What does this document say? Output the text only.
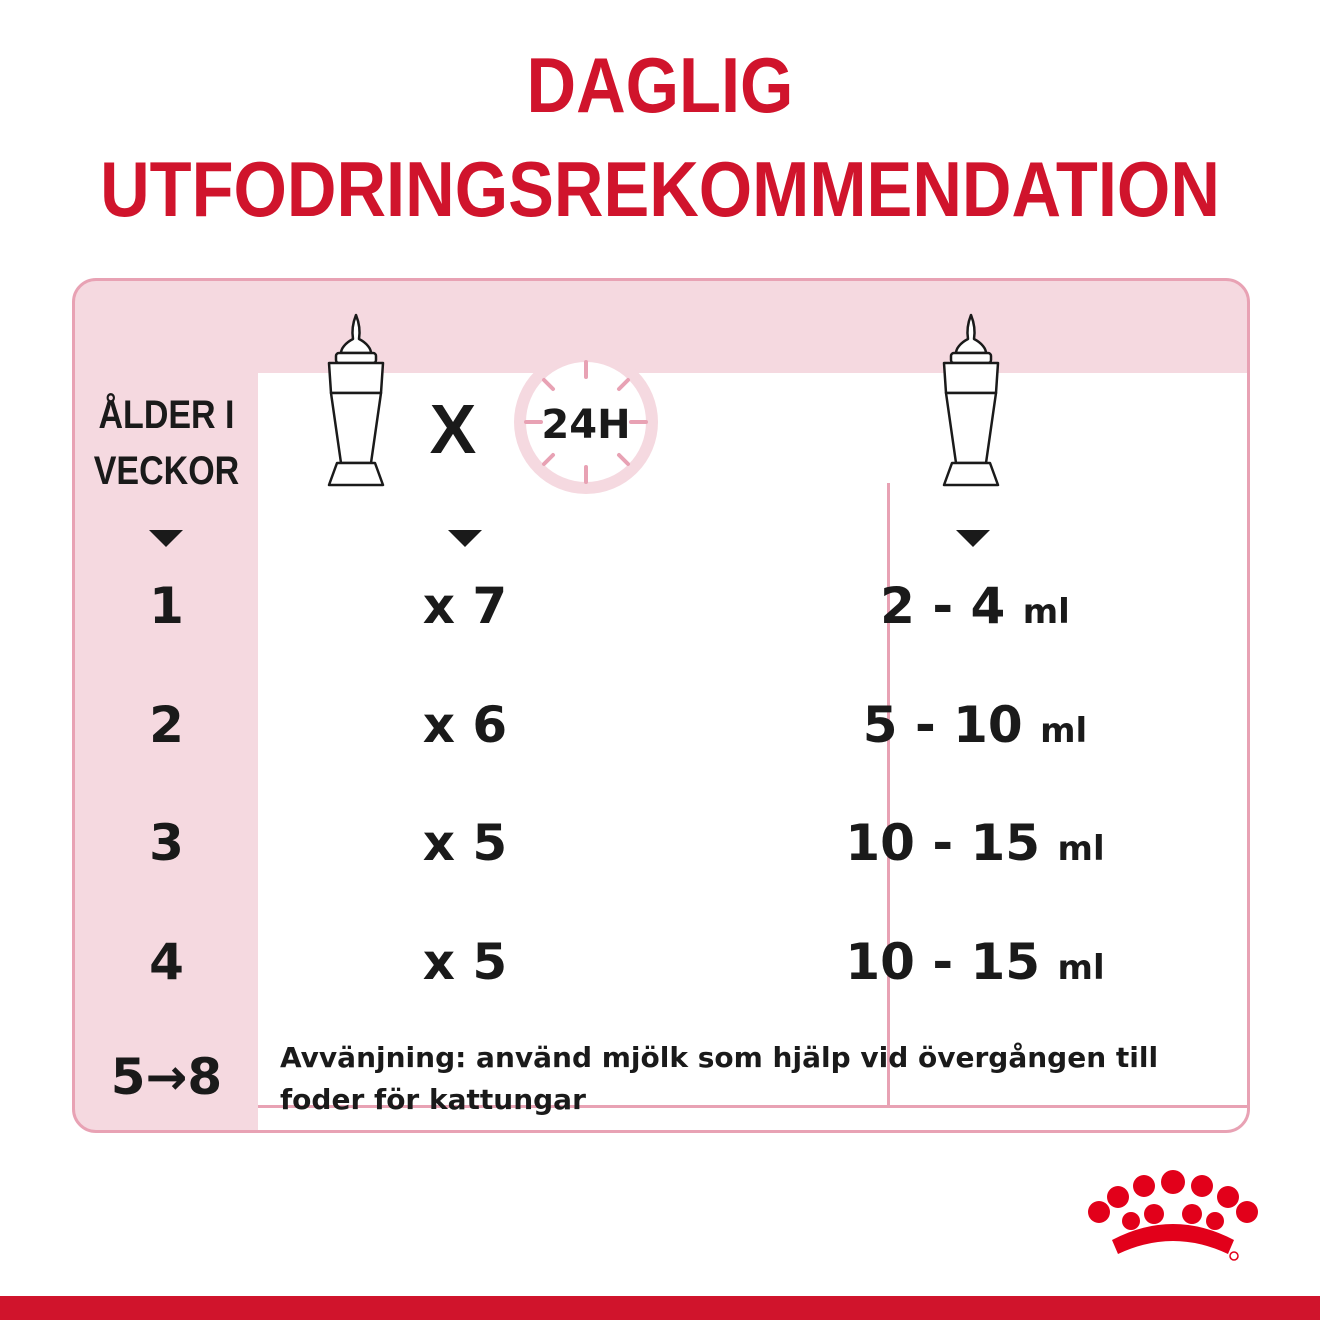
DAGLIG
UTFODRINGSREKOMMENDATION
ÅLDER I
VECKOR
X	24H
1	x 7	2 - 4 ml
2	x 6	5 - 10 ml
3	x 5	10 - 15 ml
4	x 5	10 - 15 ml
5→8	Avvänjning: använd mjölk som hjälp vid övergången till
foder för kattungar
